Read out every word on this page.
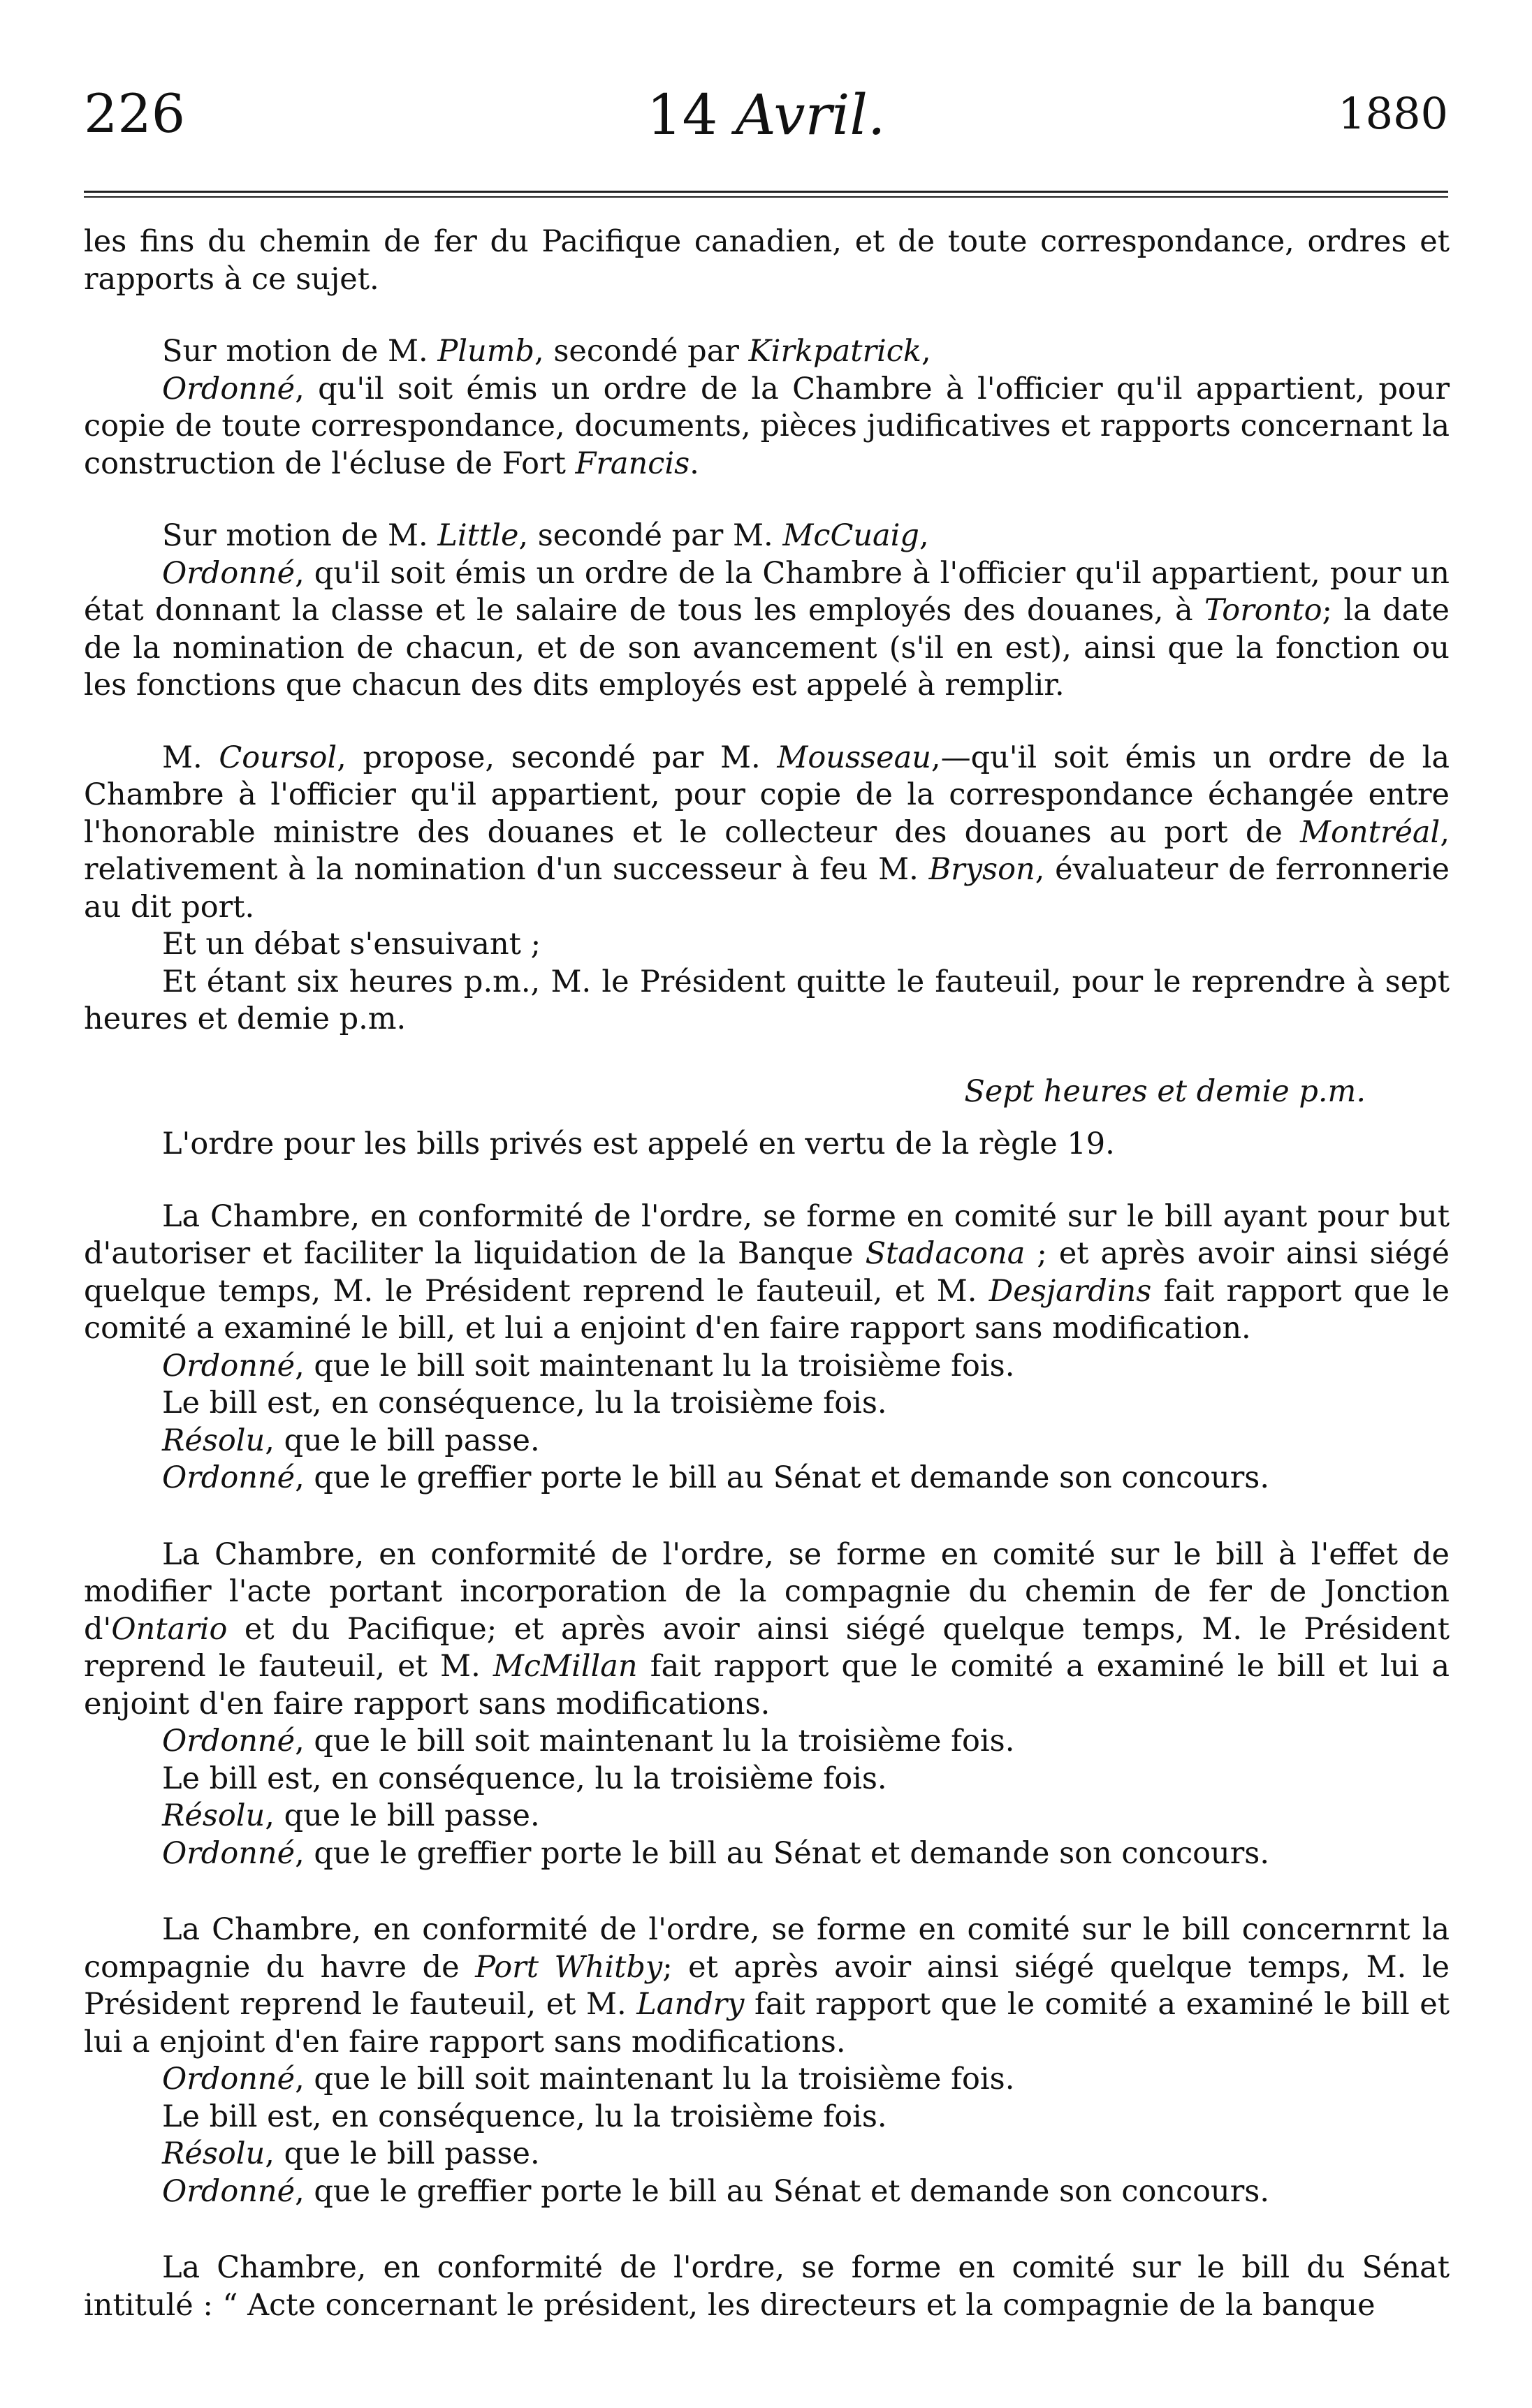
226	14 Avril.	1880

les fins du chemin de fer du Pacifique canadien, et de toute correspondance, ordres et rapports à ce sujet.

Sur motion de M. Plumb, secondé par Kirkpatrick,

Ordonné, qu'il soit émis un ordre de la Chambre à l'officier qu'il appartient, pour copie de toute correspondance, documents, pièces judificatives et rapports concernant la construction de l'écluse de Fort Francis.

Sur motion de M. Little, secondé par M. McCuaig,

Ordonné, qu'il soit émis un ordre de la Chambre à l'officier qu'il appartient, pour un état donnant la classe et le salaire de tous les employés des douanes, à Toronto; la date de la nomination de chacun, et de son avancement (s'il en est), ainsi que la fonction ou les fonctions que chacun des dits employés est appelé à remplir.

M. Coursol, propose, secondé par M. Mousseau,—qu'il soit émis un ordre de la Chambre à l'officier qu'il appartient, pour copie de la correspondance échangée entre l'honorable ministre des douanes et le collecteur des douanes au port de Montréal, relativement à la nomination d'un successeur à feu M. Bryson, évaluateur de ferronnerie au dit port.

Et un débat s'ensuivant ;

Et étant six heures p.m., M. le Président quitte le fauteuil, pour le reprendre à sept heures et demie p.m.

Sept heures et demie p.m.

L'ordre pour les bills privés est appelé en vertu de la règle 19.

La Chambre, en conformité de l'ordre, se forme en comité sur le bill ayant pour but d'autoriser et faciliter la liquidation de la Banque Stadacona ; et après avoir ainsi siégé quelque temps, M. le Président reprend le fauteuil, et M. Desjardins fait rapport que le comité a examiné le bill, et lui a enjoint d'en faire rapport sans modification.

Ordonné, que le bill soit maintenant lu la troisième fois.

Le bill est, en conséquence, lu la troisième fois.

Résolu, que le bill passe.

Ordonné, que le greffier porte le bill au Sénat et demande son concours.

La Chambre, en conformité de l'ordre, se forme en comité sur le bill à l'effet de modifier l'acte portant incorporation de la compagnie du chemin de fer de Jonction d'Ontario et du Pacifique; et après avoir ainsi siégé quelque temps, M. le Président reprend le fauteuil, et M. McMillan fait rapport que le comité a examiné le bill et lui a enjoint d'en faire rapport sans modifications.

Ordonné, que le bill soit maintenant lu la troisième fois.

Le bill est, en conséquence, lu la troisième fois.

Résolu, que le bill passe.

Ordonné, que le greffier porte le bill au Sénat et demande son concours.

La Chambre, en conformité de l'ordre, se forme en comité sur le bill concernrnt la compagnie du havre de Port Whitby; et après avoir ainsi siégé quelque temps, M. le Président reprend le fauteuil, et M. Landry fait rapport que le comité a examiné le bill et lui a enjoint d'en faire rapport sans modifications.

Ordonné, que le bill soit maintenant lu la troisième fois.

Le bill est, en conséquence, lu la troisième fois.

Résolu, que le bill passe.

Ordonné, que le greffier porte le bill au Sénat et demande son concours.

La Chambre, en conformité de l'ordre, se forme en comité sur le bill du Sénat intitulé : “ Acte concernant le président, les directeurs et la compagnie de la banque
